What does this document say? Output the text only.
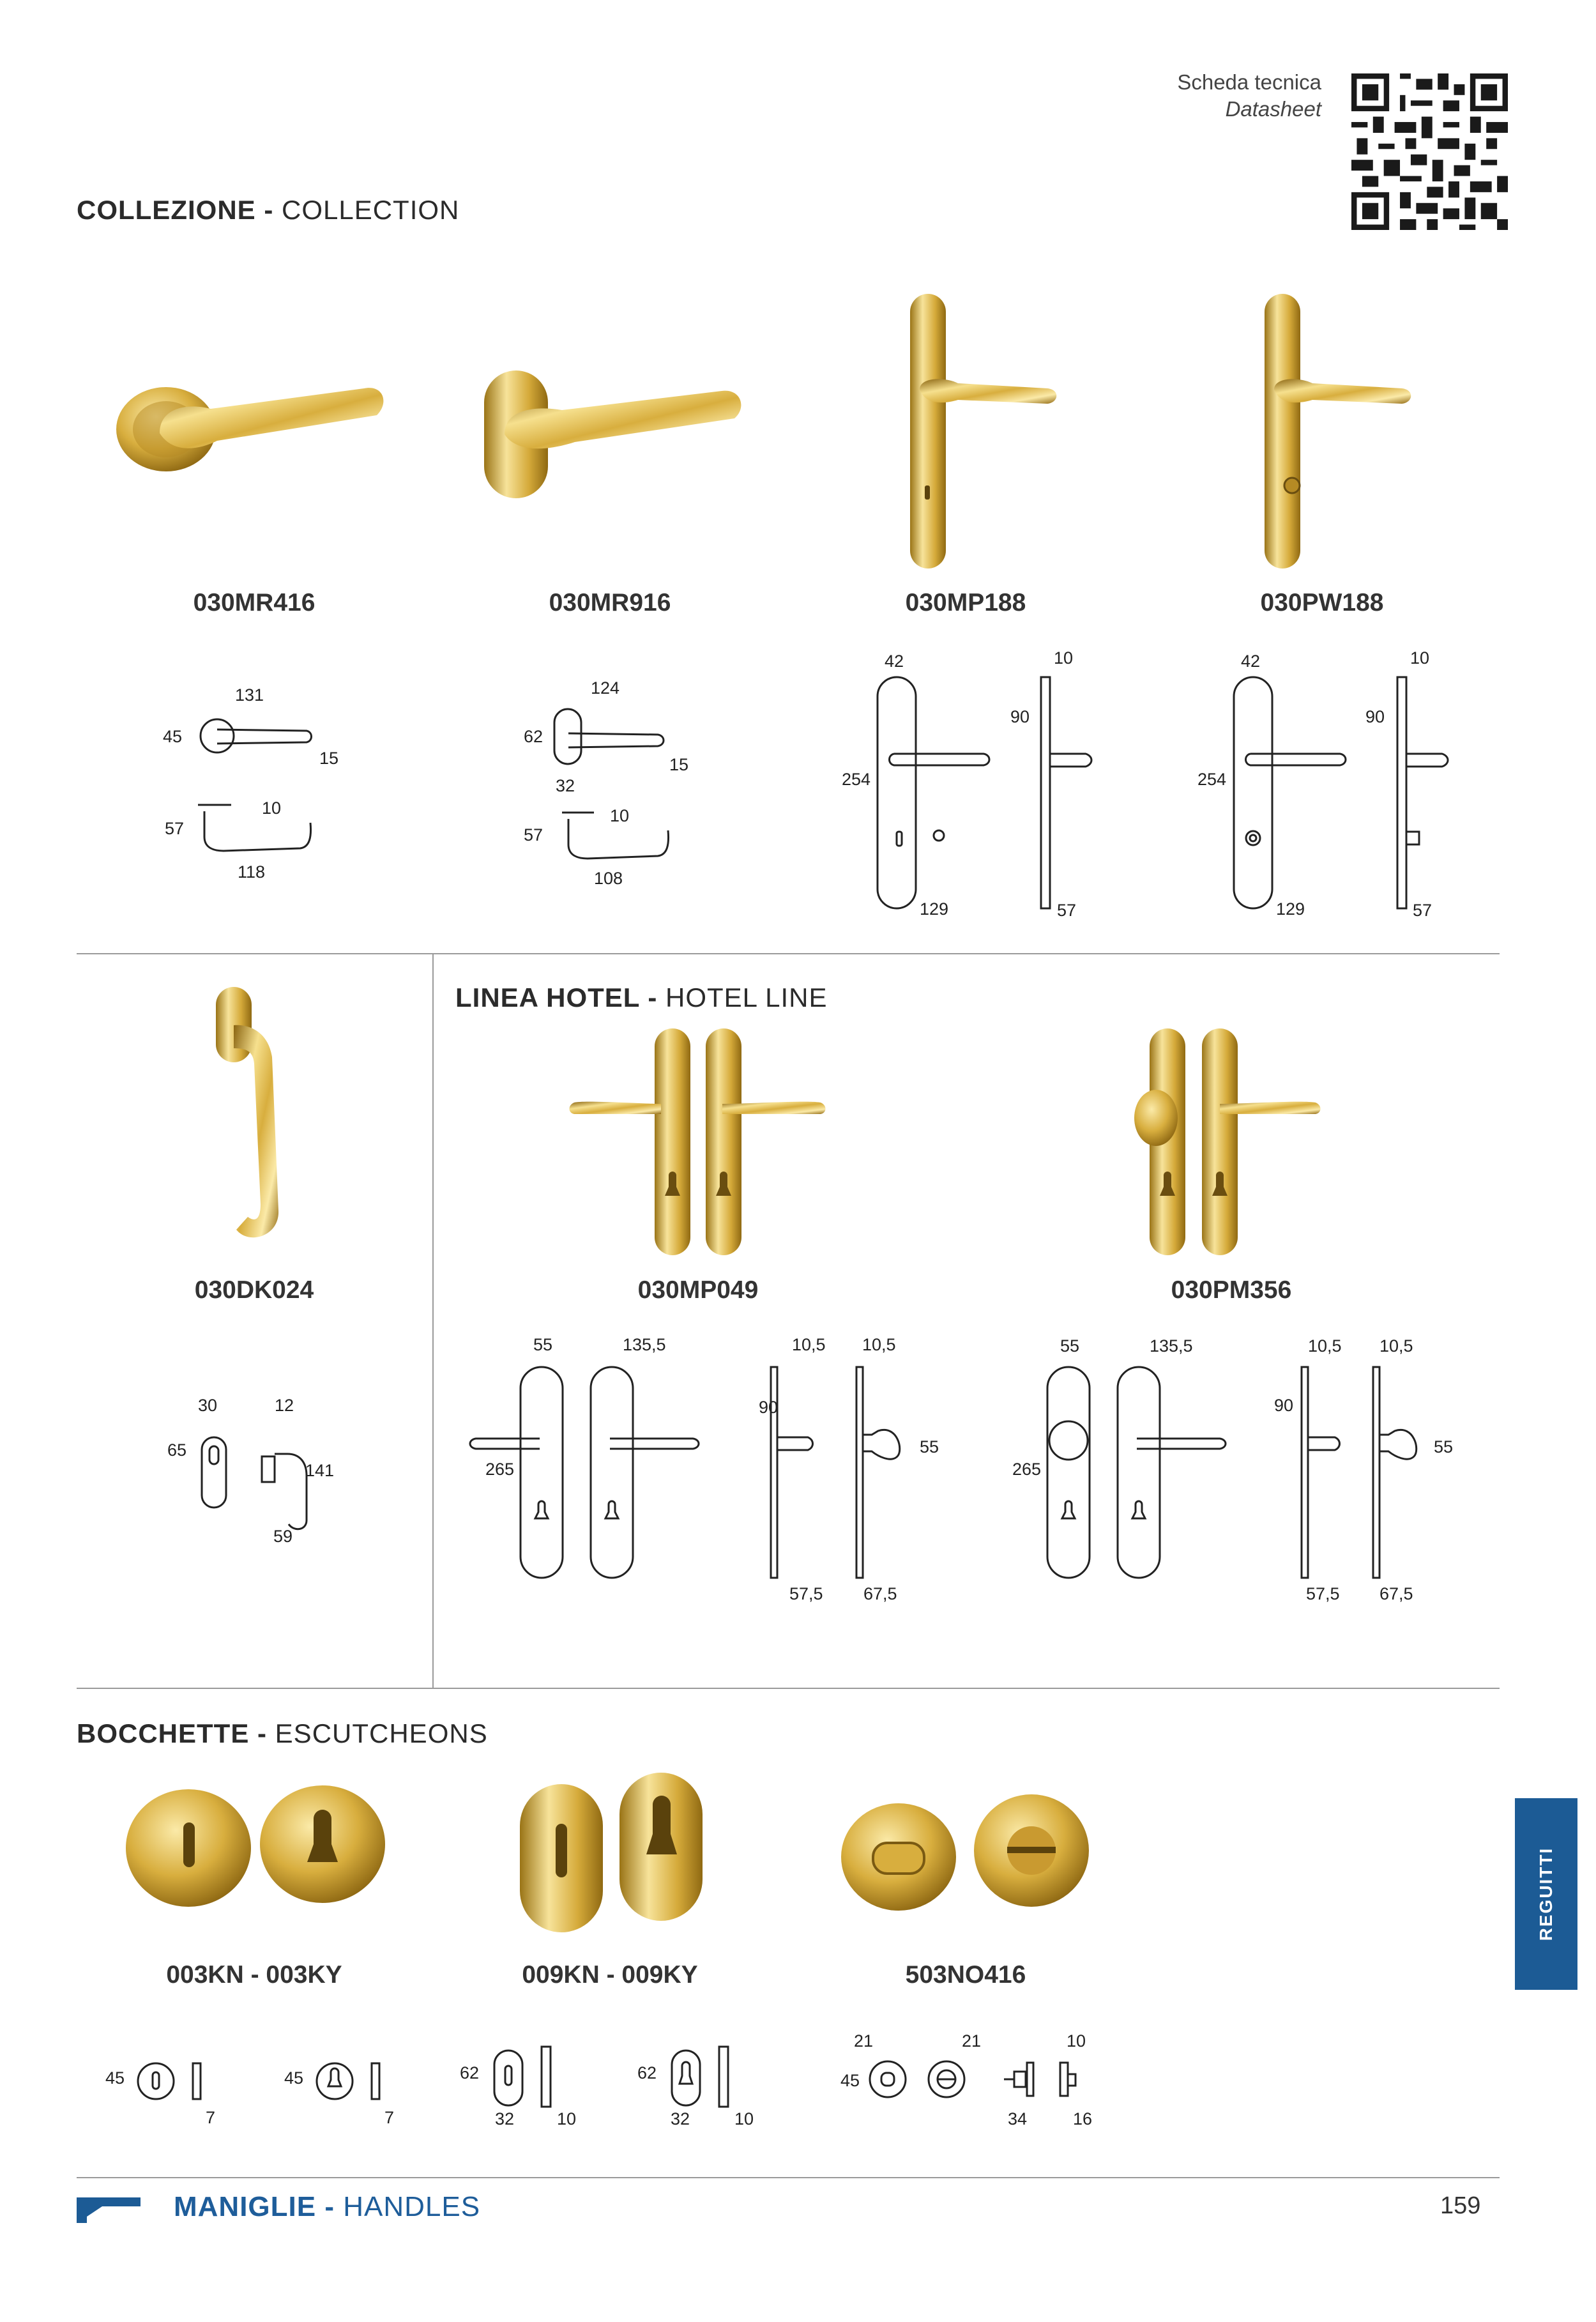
Scheda tecnica
Datasheet
COLLEZIONE - COLLECTION
030MR416	030MR916	030MP188	030PW188
131
45
15
10
57
118
124
62
15
32
10
57
108
42	10
90
254
129	57
42	10
90
254
129	57
030DK024
30	12
65
141
59
LINEA HOTEL - HOTEL LINE
030MP049	030PM356
55	135,5	10,5 10,5
90
265
55
57,5 67,5
55	135,5	10,5 10,5
90
265
55
57,5 67,5
BOCCHETTE - ESCUTCHEONS
003KN - 003KY	009KN - 009KY	503NO416
45
7
45
7
62
32 10
62
32	10
21	21	10
45
34	16
MANIGLIE - HANDLES	159
REGUITTI
